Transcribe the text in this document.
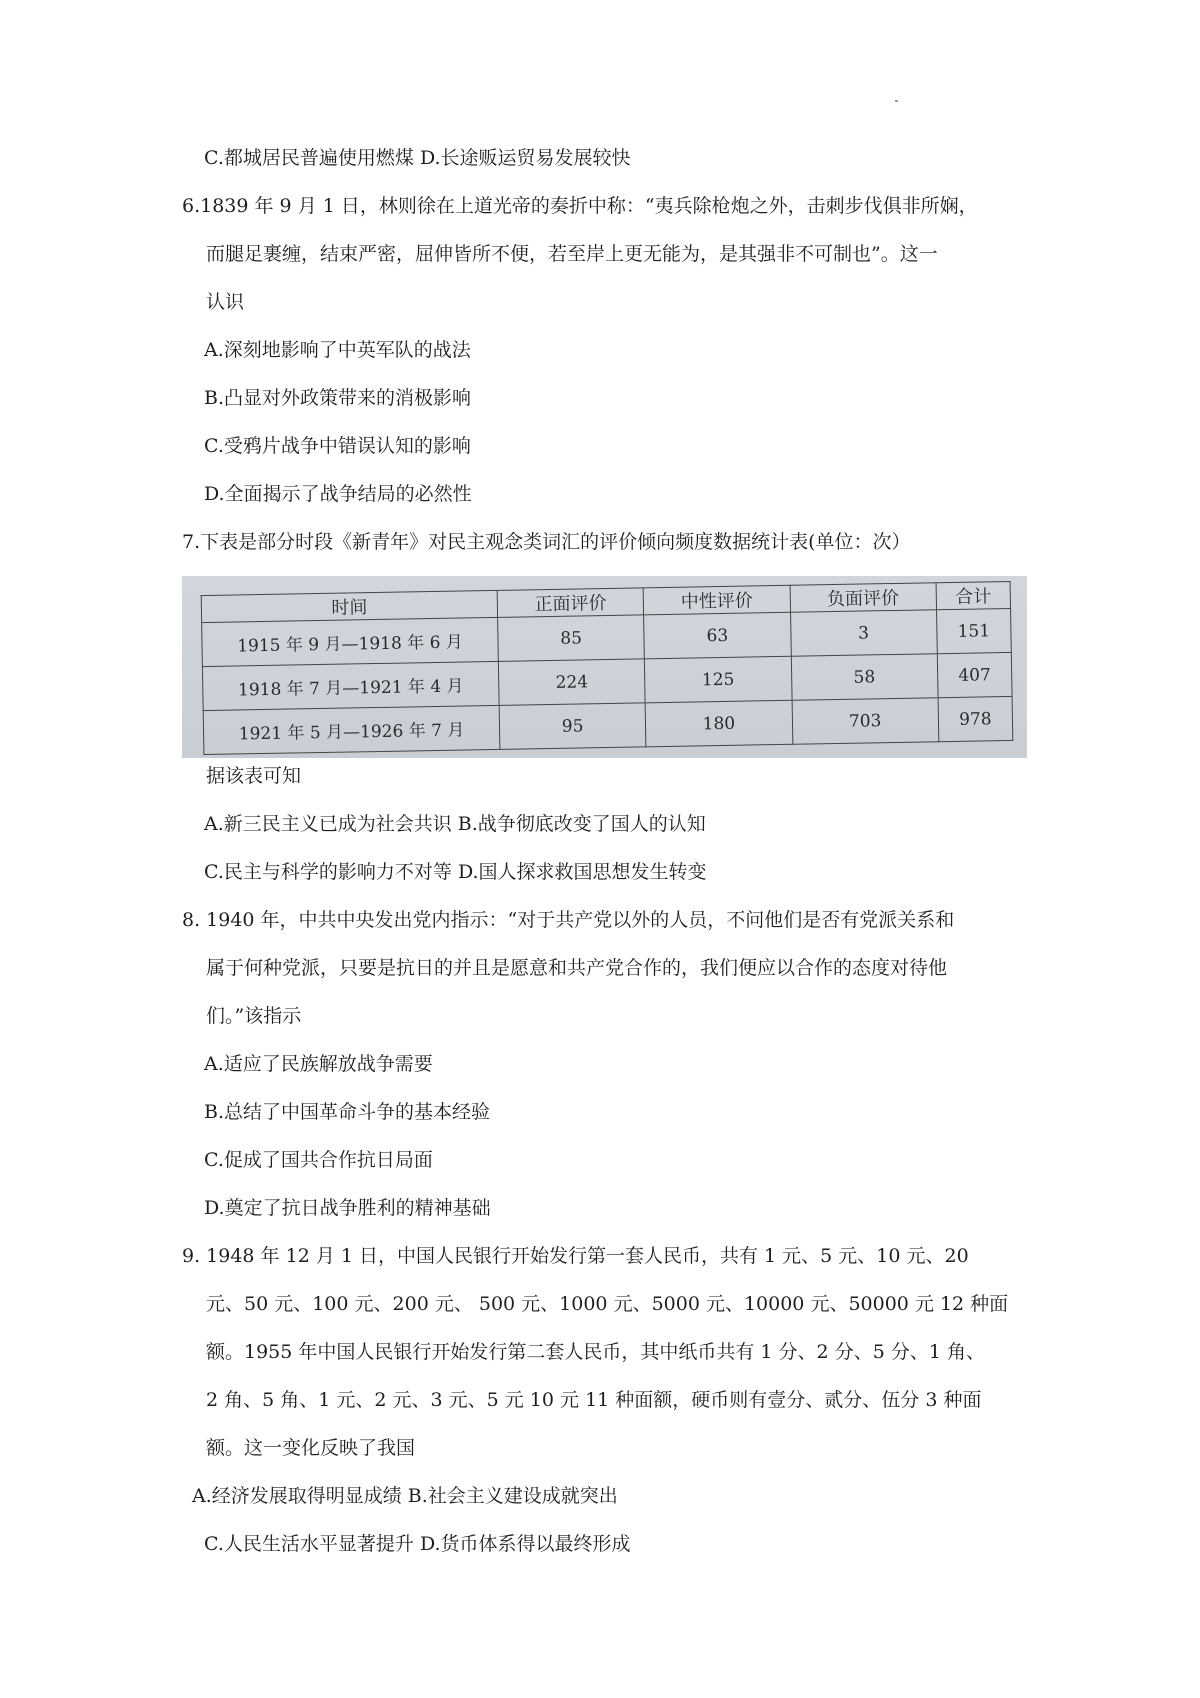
C.都城居民普遍使用燃煤 D.长途贩运贸易发展较快
6.1839 年 9 月 1 日，林则徐在上道光帝的奏折中称：“夷兵除枪炮之外，击刺步伐俱非所娴，
而腿足裹缠，结束严密，屈伸皆所不便，若至岸上更无能为，是其强非不可制也”。这一
认识
A.深刻地影响了中英军队的战法
B.凸显对外政策带来的消极影响
C.受鸦片战争中错误认知的影响
D.全面揭示了战争结局的必然性
7.下表是部分时段《新青年》对民主观念类词汇的评价倾向频度数据统计表(单位：次）
据该表可知
A.新三民主义已成为社会共识 B.战争彻底改变了国人的认知
C.民主与科学的影响力不对等 D.国人探求救国思想发生转变
8. 1940 年，中共中央发出党内指示：“对于共产党以外的人员，不问他们是否有党派关系和
属于何种党派，只要是抗日的并且是愿意和共产党合作的，我们便应以合作的态度对待他
们。”该指示
A.适应了民族解放战争需要
B.总结了中国革命斗争的基本经验
C.促成了国共合作抗日局面
D.奠定了抗日战争胜利的精神基础
9. 1948 年 12 月 1 日，中国人民银行开始发行第一套人民币，共有 1 元、5 元、10 元、20
元、50 元、100 元、200 元、 500 元、1000 元、5000 元、10000 元、50000 元 12 种面
额。1955 年中国人民银行开始发行第二套人民币，其中纸币共有 1 分、2 分、5 分、1 角、
2 角、5 角、1 元、2 元、3 元、5 元 10 元 11 种面额，硬币则有壹分、贰分、伍分 3 种面
额。这一变化反映了我国
A.经济发展取得明显成绩 B.社会主义建设成就突出
C.人民生活水平显著提升 D.货币体系得以最终形成
时间	正面评价	中性评价	负面评价	合计
1915 年 9 月—1918 年 6 月	85	63	3	151
1918 年 7 月—1921 年 4 月	224	125	58	407
1921 年 5 月—1926 年 7 月	95	180	703	978
